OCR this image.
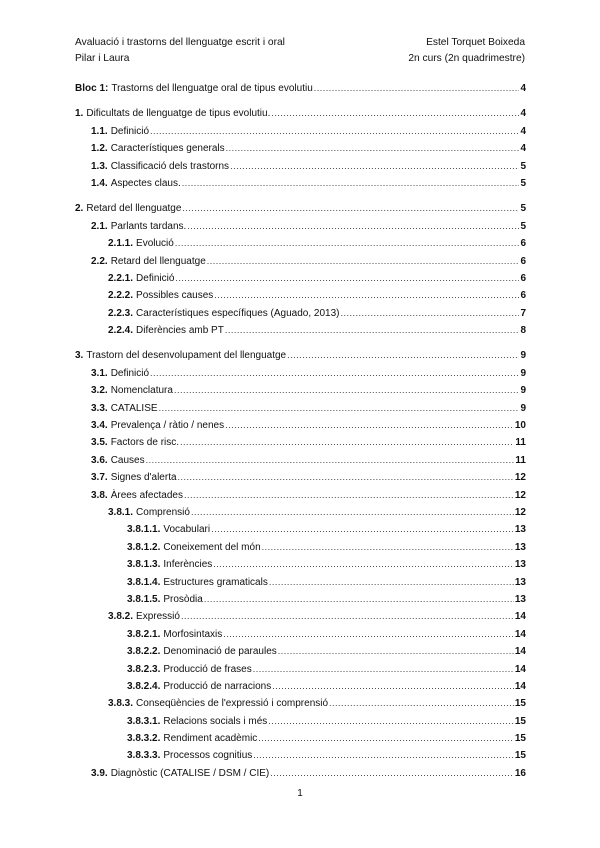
Avaluació i trastorns del llenguatge escrit i oral	Estel Torquet Boixeda
Pilar i Laura	2n curs (2n quadrimestre)
Bloc 1: Trastorns del llenguatge oral de tipus evolutiu .....	4
1. Dificultats de llenguatge de tipus evolutiu. .....	4
1.1. Definició .....	4
1.2. Característiques generals .....	4
1.3. Classificació dels trastorns .....	5
1.4. Aspectes claus. .....	5
2. Retard del llenguatge .....	5
2.1. Parlants tardans. .....	5
2.1.1. Evolució .....	6
2.2. Retard del llenguatge .....	6
2.2.1. Definició .....	6
2.2.2. Possibles causes .....	6
2.2.3. Característiques específiques (Aguado, 2013) .....	7
2.2.4. Diferències amb PT .....	8
3. Trastorn del desenvolupament del llenguatge .....	9
3.1. Definició .....	9
3.2. Nomenclatura .....	9
3.3. CATALISE .....	9
3.4. Prevalença / ràtio / nenes .....	10
3.5. Factors de risc. .....	11
3.6. Causes .....	11
3.7. Signes d'alerta .....	12
3.8. Àrees afectades .....	12
3.8.1. Comprensió .....	12
3.8.1.1. Vocabulari .....	13
3.8.1.2. Coneixement del món .....	13
3.8.1.3. Inferències .....	13
3.8.1.4. Estructures gramaticals .....	13
3.8.1.5. Prosòdia .....	13
3.8.2. Expressió .....	14
3.8.2.1. Morfosintaxis .....	14
3.8.2.2. Denominació de paraules .....	14
3.8.2.3. Producció de frases .....	14
3.8.2.4. Producció de narracions .....	14
3.8.3. Conseqüències de l'expressió i comprensió .....	15
3.8.3.1. Relacions socials i més .....	15
3.8.3.2. Rendiment acadèmic .....	15
3.8.3.3. Processos cognitius .....	15
3.9. Diagnòstic (CATALISE / DSM / CIE) .....	16
1
